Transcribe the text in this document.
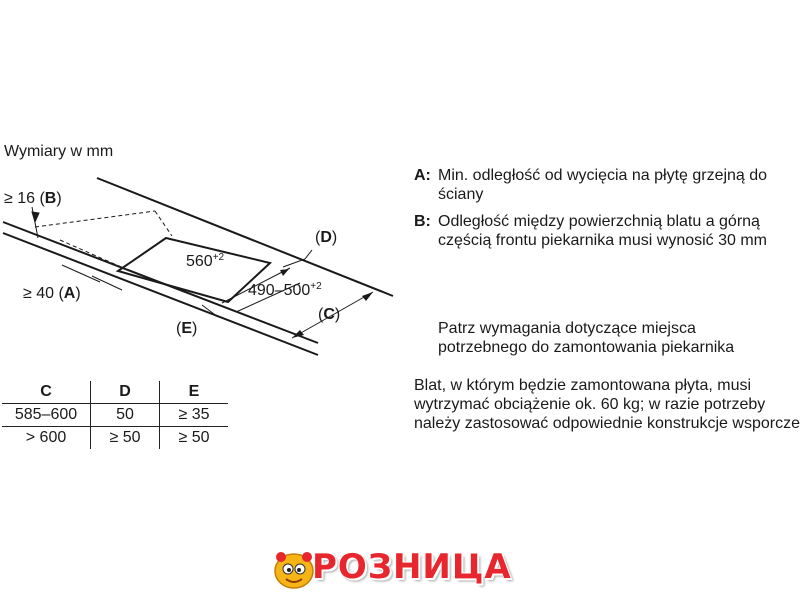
Wymiary w mm
≥ 16 (B)
≥ 40 (A)
(D)
(E)
(C)
$560^{+2}$
$490-500^{+2}$
C	D	E
585–600	50	≥ 35
> 600	≥ 50	≥ 50
A: Min. odległość od wycięcia na płytę grzejną do ściany
B: Odległość między powierzchnią blatu a górną częścią frontu piekarnika musi wynosić 30 mm
Patrz wymagania dotyczące miejsca potrzebnego do zamontowania piekarnika
Blat, w którym będzie zamontowana płyta, musi wytrzymać obciążenie ok. 60 kg; w razie potrzeby należy zastosować odpowiednie konstrukcje wsporcze
РОЗНИЦА
